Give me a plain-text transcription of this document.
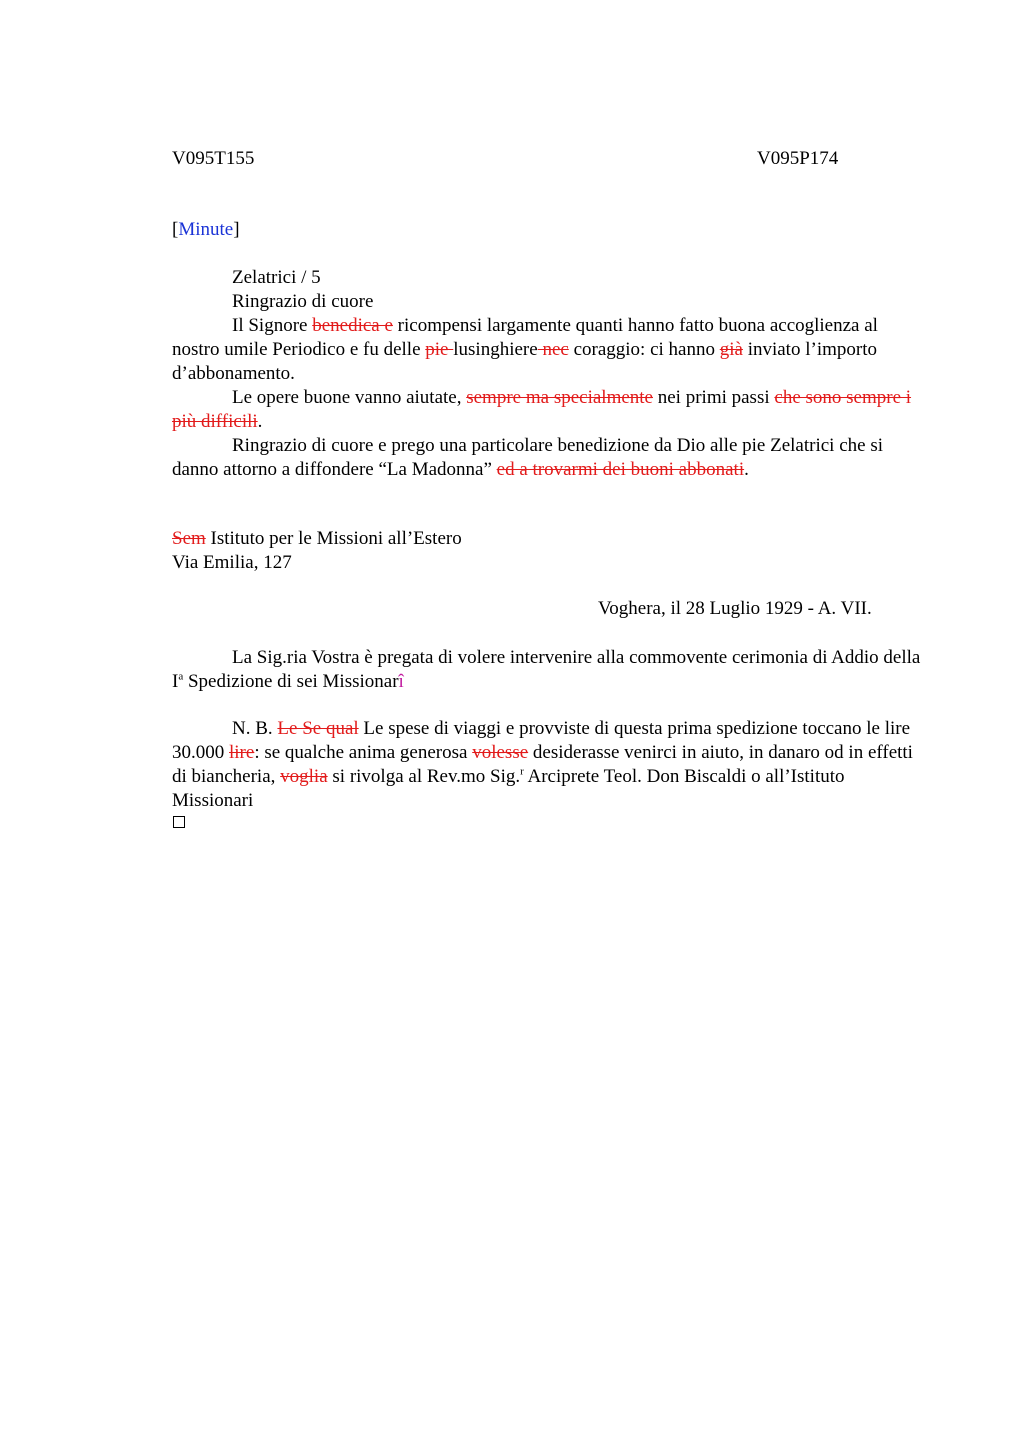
V095T155	V095P174
[Minute]

Zelatrici / 5

Ringrazio di cuore

Il Signore benedica e ricompensi largamente quanti hanno fatto buona accoglienza al nostro umile Periodico e fu delle pie lusinghiere nec coraggio: ci hanno già inviato l’importo d’abbonamento.

Le opere buone vanno aiutate, sempre ma specialmente nei primi passi che sono sempre i più difficili.

Ringrazio di cuore e prego una particolare benedizione da Dio alle pie Zelatrici che si danno attorno a diffondere “La Madonna” ed a trovarmi dei buoni abbonati.

Sem Istituto per le Missioni all’Estero

Via Emilia, 127

Voghera, il 28 Luglio 1929 - A. VII.

La Sig.ria Vostra è pregata di volere intervenire alla commovente cerimonia di Addio della $I^a$ Spedizione di sei Missionarî

N. B. Le Se qual Le spese di viaggi e provviste di questa prima spedizione toccano le lire 30.000 lire: se qualche anima generosa volesse desiderasse venirci in aiuto, in danaro od in effetti di biancheria, voglia si rivolga al Rev.mo Sig.$^r$ Arciprete Teol. Don Biscaldi o all’Istituto Missionari
